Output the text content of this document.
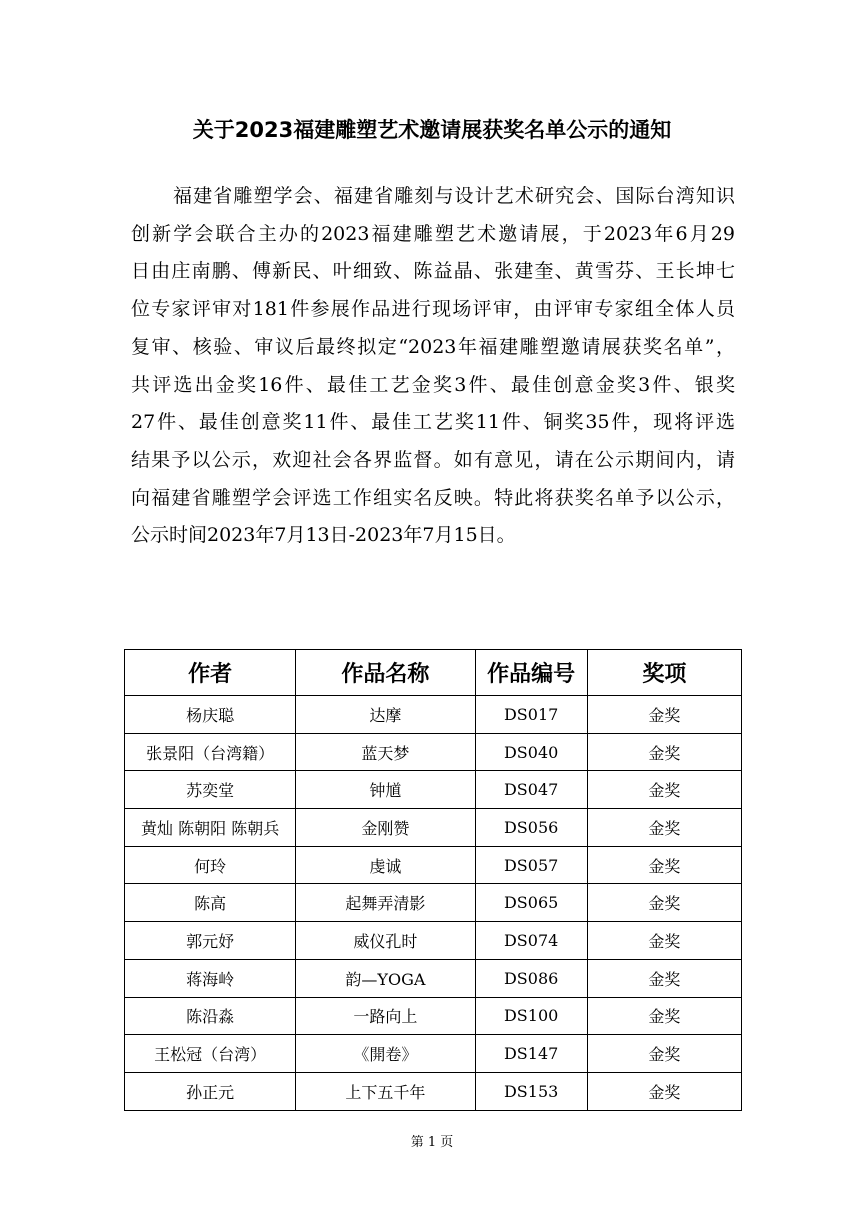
关于2023福建雕塑艺术邀请展获奖名单公示的通知

福建省雕塑学会、福建省雕刻与设计艺术研究会、国际台湾知识
创新学会联合主办的2023福建雕塑艺术邀请展，于2023年6月29
日由庄南鹏、傅新民、叶细致、陈益晶、张建奎、黄雪芬、王长坤七
位专家评审对181件参展作品进行现场评审，由评审专家组全体人员
复审、核验、审议后最终拟定“2023年福建雕塑邀请展获奖名单”，
共评选出金奖16件、最佳工艺金奖3件、最佳创意金奖3件、银奖
27件、最佳创意奖11件、最佳工艺奖11件、铜奖35件，现将评选
结果予以公示，欢迎社会各界监督。如有意见，请在公示期间内，请
向福建省雕塑学会评选工作组实名反映。特此将获奖名单予以公示，
公示时间2023年7月13日-2023年7月15日。

作者	作品名称	作品编号	奖项
杨庆聪	达摩	DS017	金奖
张景阳（台湾籍）	蓝天梦	DS040	金奖
苏奕堂	钟馗	DS047	金奖
黄灿 陈朝阳 陈朝兵	金刚赞	DS056	金奖
何玲	虔诚	DS057	金奖
陈高	起舞弄清影	DS065	金奖
郭元妤	威仪孔时	DS074	金奖
蒋海岭	韵—YOGA	DS086	金奖
陈沿淼	一路向上	DS100	金奖
王松冠（台湾）	《開卷》	DS147	金奖
孙正元	上下五千年	DS153	金奖
第 1 页
